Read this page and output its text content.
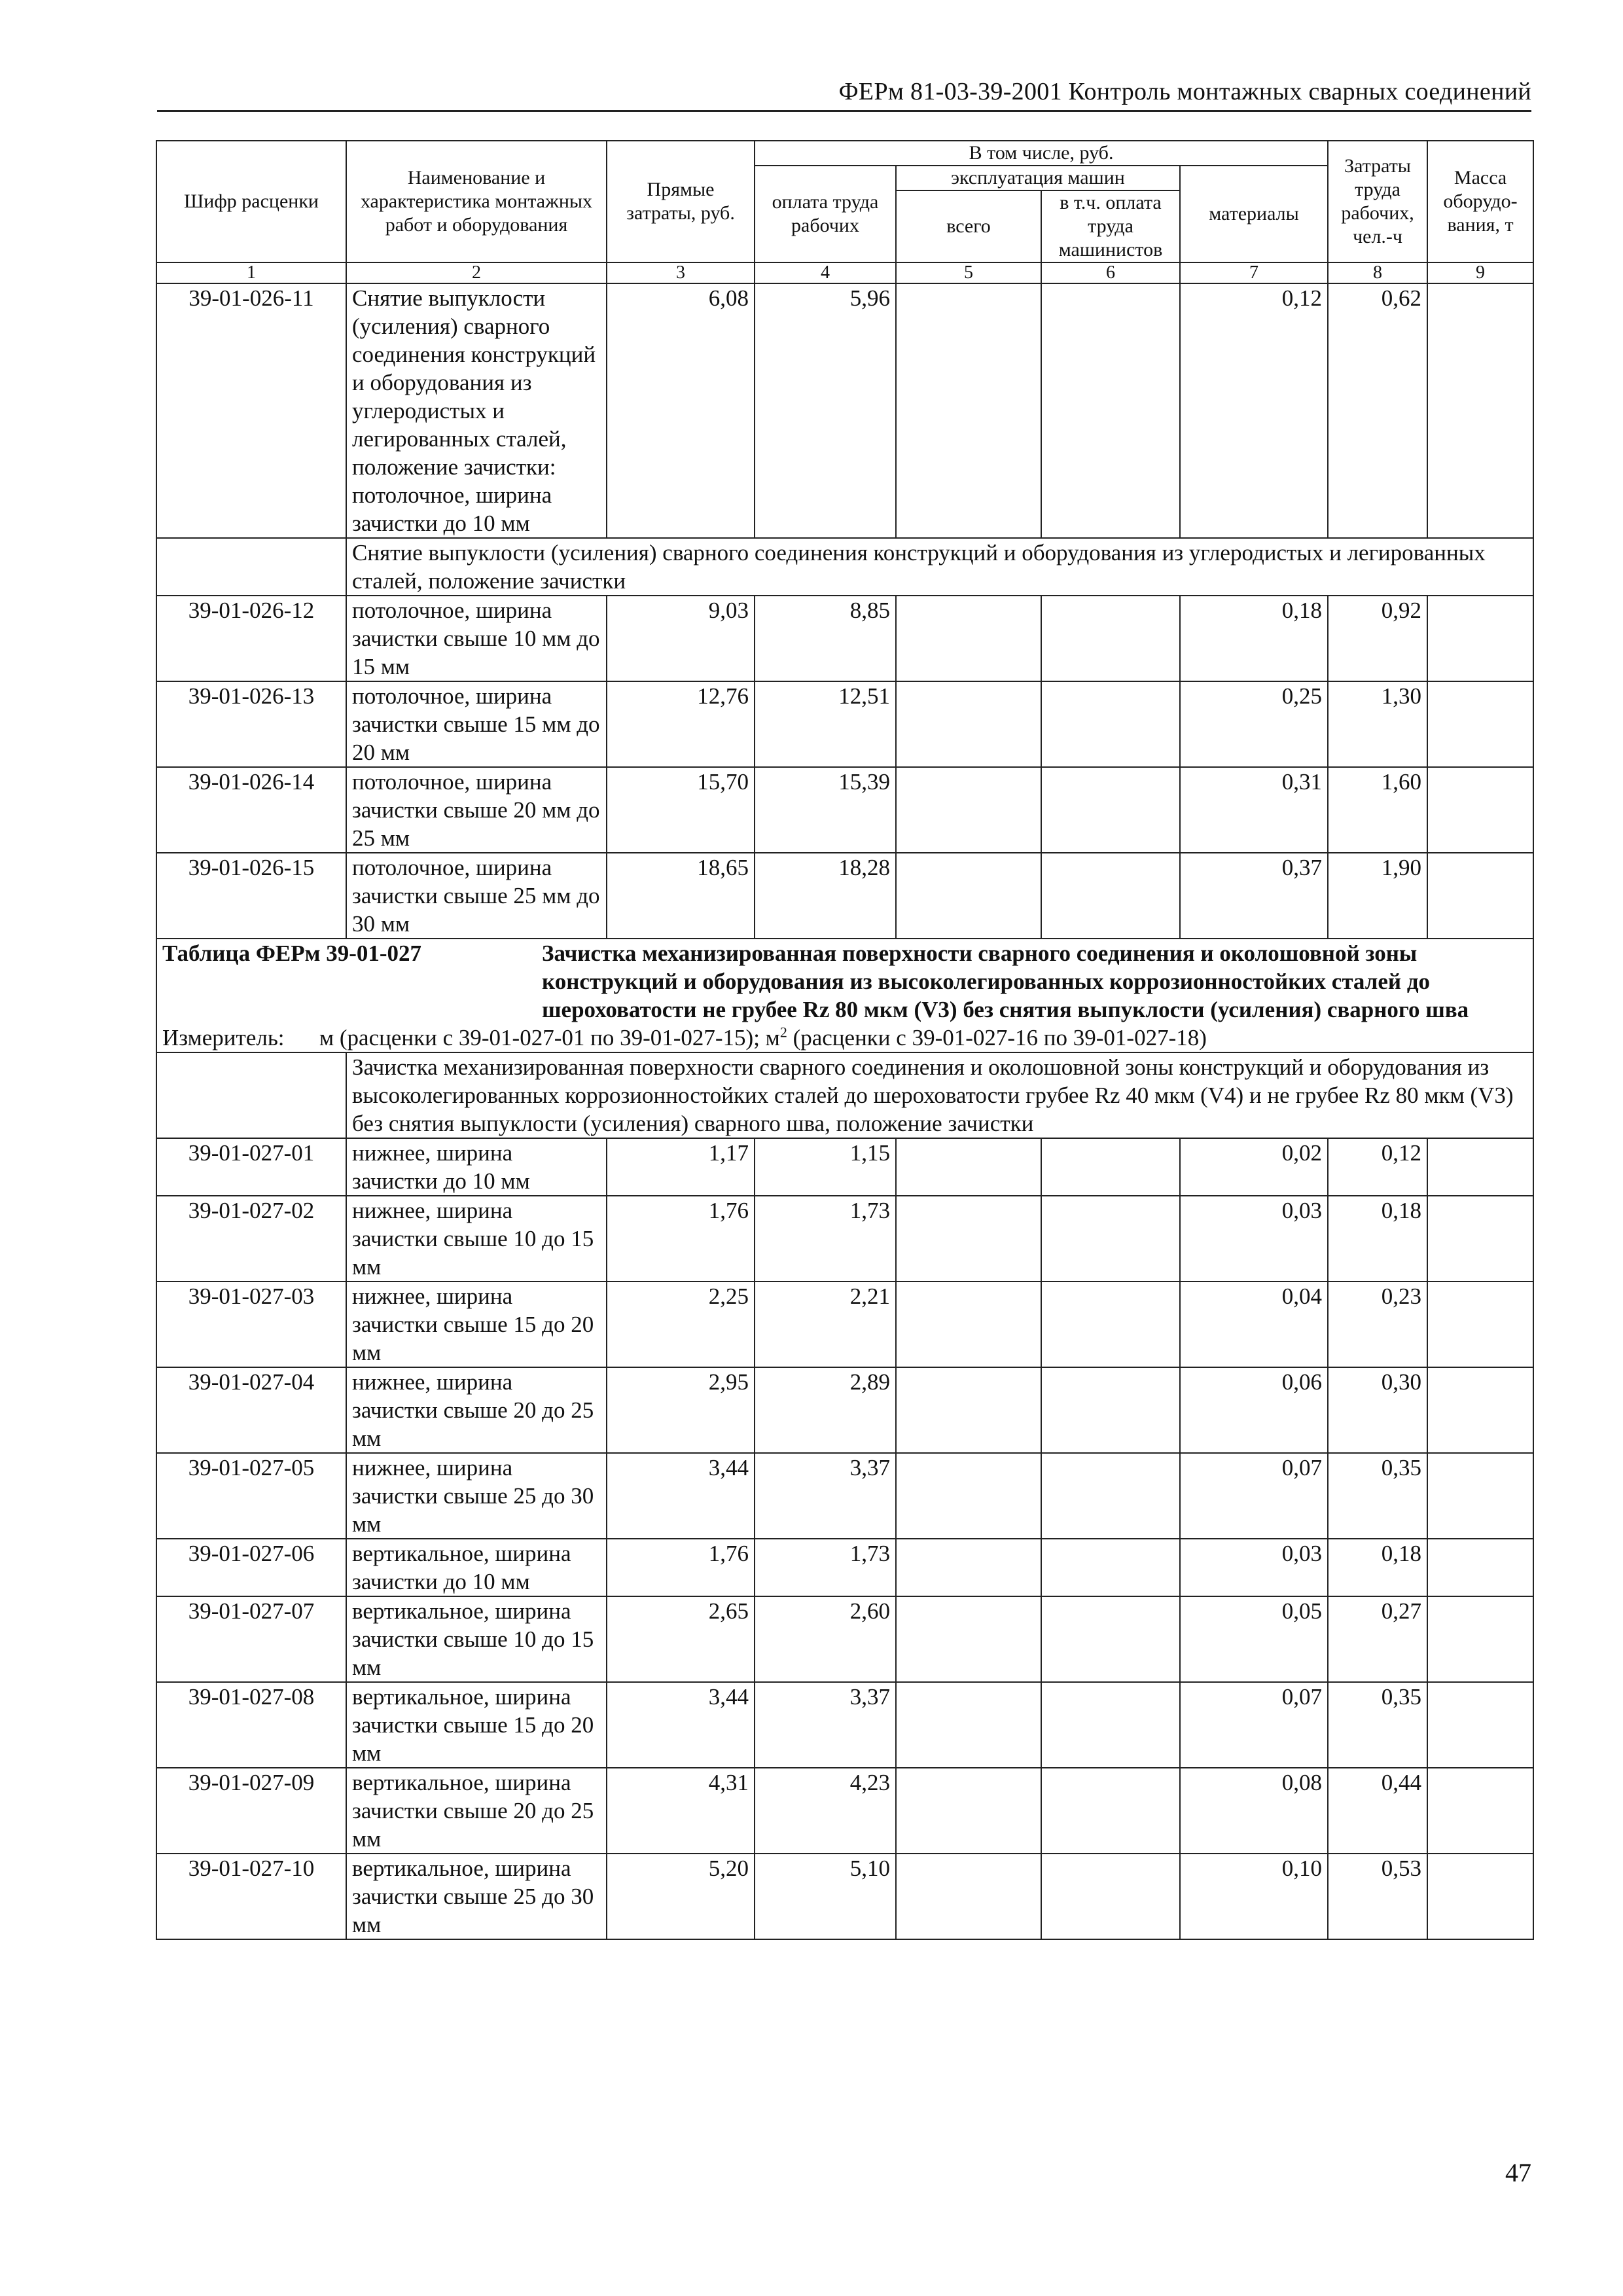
ФЕРм 81-03-39-2001 Контроль монтажных сварных соединений
Шифр расценки	Наименование и характеристика монтажных работ и оборудования	Прямые затраты, руб.	В том числе, руб.				Затраты труда рабочих, чел.-ч	Масса оборудо-вания, т
			оплата труда рабочих	эксплуатация машин		материалы		
				всего	в т.ч. оплата труда машинистов			
1	2	3	4	5	6	7	8	9
39-01-026-11	Снятие выпуклости (усиления) сварного соединения конструкций и оборудования из углеродистых и легированных сталей, положение зачистки: потолочное, ширина зачистки до 10 мм	6,08	5,96			0,12	0,62	
	Снятие выпуклости (усиления) сварного соединения конструкций и оборудования из углеродистых и легированных сталей, положение зачистки							
39-01-026-12	потолочное, ширина зачистки свыше 10 мм до 15 мм	9,03	8,85			0,18	0,92	
39-01-026-13	потолочное, ширина зачистки свыше 15 мм до 20 мм	12,76	12,51			0,25	1,30	
39-01-026-14	потолочное, ширина зачистки свыше 20 мм до 25 мм	15,70	15,39			0,31	1,60	
39-01-026-15	потолочное, ширина зачистки свыше 25 мм до 30 мм	18,65	18,28			0,37	1,90	
Таблица ФЕРм 39-01-027 Зачистка механизированная поверхности сварного соединения и околошовной зоны конструкций и оборудования из высоколегированных коррозионностойких сталей до шероховатости не грубее Rz 80 мкм (V3) без снятия выпуклости (усиления) сварного шва								
Измеритель: м (расценки с 39-01-027-01 по 39-01-027-15); $м^2$ (расценки с 39-01-027-16 по 39-01-027-18)								
	Зачистка механизированная поверхности сварного соединения и околошовной зоны конструкций и оборудования из высоколегированных коррозионностойких сталей до шероховатости грубее Rz 40 мкм (V4) и не грубее Rz 80 мкм (V3) без снятия выпуклости (усиления) сварного шва, положение зачистки							
39-01-027-01	нижнее, ширина зачистки до 10 мм	1,17	1,15			0,02	0,12	
39-01-027-02	нижнее, ширина зачистки свыше 10 до 15 мм	1,76	1,73			0,03	0,18	
39-01-027-03	нижнее, ширина зачистки свыше 15 до 20 мм	2,25	2,21			0,04	0,23	
39-01-027-04	нижнее, ширина зачистки свыше 20 до 25 мм	2,95	2,89			0,06	0,30	
39-01-027-05	нижнее, ширина зачистки свыше 25 до 30 мм	3,44	3,37			0,07	0,35	
39-01-027-06	вертикальное, ширина зачистки до 10 мм	1,76	1,73			0,03	0,18	
39-01-027-07	вертикальное, ширина зачистки свыше 10 до 15 мм	2,65	2,60			0,05	0,27	
39-01-027-08	вертикальное, ширина зачистки свыше 15 до 20 мм	3,44	3,37			0,07	0,35	
39-01-027-09	вертикальное, ширина зачистки свыше 20 до 25 мм	4,31	4,23			0,08	0,44	
39-01-027-10	вертикальное, ширина зачистки свыше 25 до 30 мм	5,20	5,10			0,10	0,53	
47
